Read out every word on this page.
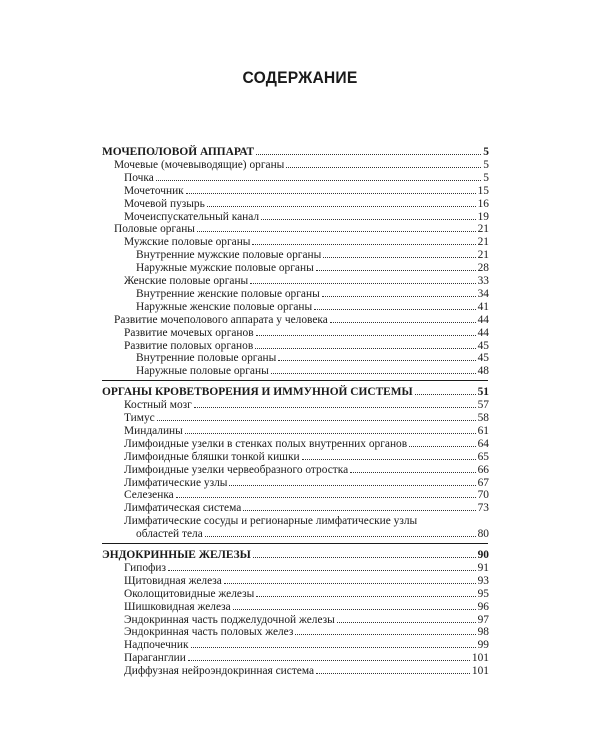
СОДЕРЖАНИЕ
МОЧЕПОЛОВОЙ АППАРАТ	5
Мочевые (мочевыводящие) органы	5
Почка	5
Мочеточник	15
Мочевой пузырь	16
Мочеиспускательный канал	19
Половые органы	21
Мужские половые органы	21
Внутренние мужские половые органы	21
Наружные мужские половые органы	28
Женские половые органы	33
Внутренние женские половые органы	34
Наружные женские половые органы	41
Развитие мочеполового аппарата у человека	44
Развитие мочевых органов	44
Развитие половых органов	45
Внутренние половые органы	45
Наружные половые органы	48
ОРГАНЫ КРОВЕТВОРЕНИЯ И ИММУННОЙ СИСТЕМЫ	51
Костный мозг	57
Тимус	58
Миндалины	61
Лимфоидные узелки в стенках полых внутренних органов	64
Лимфоидные бляшки тонкой кишки	65
Лимфоидные узелки червеобразного отростка	66
Лимфатические узлы	67
Селезенка	70
Лимфатическая система	73
Лимфатические сосуды и регионарные лимфатические узлы
областей тела	80
ЭНДОКРИННЫЕ ЖЕЛЕЗЫ	90
Гипофиз	91
Щитовидная железа	93
Околощитовидные железы	95
Шишковидная железа	96
Эндокринная часть поджелудочной железы	97
Эндокринная часть половых желез	98
Надпочечник	99
Параганглии	101
Диффузная нейроэндокринная система	101
